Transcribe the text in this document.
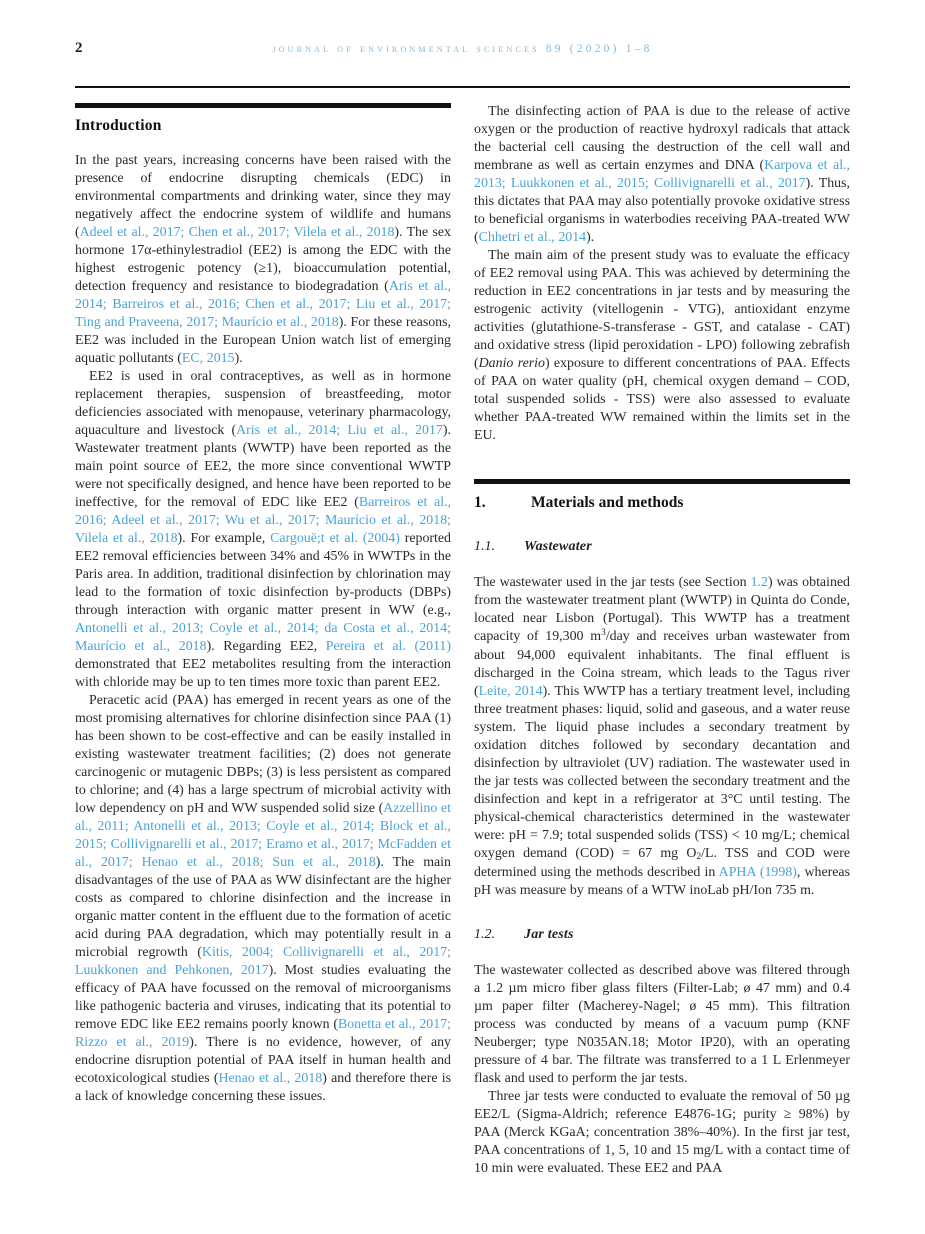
2	journal of environmental sciences 89 (2020) 1–8
Introduction

In the past years, increasing concerns have been raised with the presence of endocrine disrupting chemicals (EDC) in environmental compartments and drinking water, since they may negatively affect the endocrine system of wildlife and humans (Adeel et al., 2017; Chen et al., 2017; Vilela et al., 2018). The sex hormone 17α-ethinylestradiol (EE2) is among the EDC with the highest estrogenic potency (≥1), bioaccumulation potential, detection frequency and resistance to biodegradation (Aris et al., 2014; Barreiros et al., 2016; Chen et al., 2017; Liu et al., 2017; Ting and Praveena, 2017; Maurício et al., 2018). For these reasons, EE2 was included in the European Union watch list of emerging aquatic pollutants (EC, 2015).

EE2 is used in oral contraceptives, as well as in hormone replacement therapies, suspension of breastfeeding, motor deficiencies associated with menopause, veterinary pharmacology, aquaculture and livestock (Aris et al., 2014; Liu et al., 2017). Wastewater treatment plants (WWTP) have been reported as the main point source of EE2, the more since conventional WWTP were not specifically designed, and hence have been reported to be ineffective, for the removal of EDC like EE2 (Barreiros et al., 2016; Adeel et al., 2017; Wu et al., 2017; Maurício et al., 2018; Vilela et al., 2018). For example, Cargouë;t et al. (2004) reported EE2 removal efficiencies between 34% and 45% in WWTPs in the Paris area. In addition, traditional disinfection by chlorination may lead to the formation of toxic disinfection by-products (DBPs) through interaction with organic matter present in WW (e.g., Antonelli et al., 2013; Coyle et al., 2014; da Costa et al., 2014; Maurício et al., 2018). Regarding EE2, Pereira et al. (2011) demonstrated that EE2 metabolites resulting from the interaction with chloride may be up to ten times more toxic than parent EE2.

Peracetic acid (PAA) has emerged in recent years as one of the most promising alternatives for chlorine disinfection since PAA (1) has been shown to be cost-effective and can be easily installed in existing wastewater treatment facilities; (2) does not generate carcinogenic or mutagenic DBPs; (3) is less persistent as compared to chlorine; and (4) has a large spectrum of microbial activity with low dependency on pH and WW suspended solid size (Azzellino et al., 2011; Antonelli et al., 2013; Coyle et al., 2014; Block et al., 2015; Collivignarelli et al., 2017; Eramo et al., 2017; McFadden et al., 2017; Henao et al., 2018; Sun et al., 2018). The main disadvantages of the use of PAA as WW disinfectant are the higher costs as compared to chlorine disinfection and the increase in organic matter content in the effluent due to the formation of acetic acid during PAA degradation, which may potentially result in a microbial regrowth (Kitis, 2004; Collivignarelli et al., 2017; Luukkonen and Pehkonen, 2017). Most studies evaluating the efficacy of PAA have focussed on the removal of microorganisms like pathogenic bacteria and viruses, indicating that its potential to remove EDC like EE2 remains poorly known (Bonetta et al., 2017; Rizzo et al., 2019). There is no evidence, however, of any endocrine disruption potential of PAA itself in human health and ecotoxicological studies (Henao et al., 2018) and therefore there is a lack of knowledge concerning these issues.

The disinfecting action of PAA is due to the release of active oxygen or the production of reactive hydroxyl radicals that attack the bacterial cell causing the destruction of the cell wall and membrane as well as certain enzymes and DNA (Karpova et al., 2013; Luukkonen et al., 2015; Collivignarelli et al., 2017). Thus, this dictates that PAA may also potentially provoke oxidative stress to beneficial organisms in waterbodies receiving PAA-treated WW (Chhetri et al., 2014).

The main aim of the present study was to evaluate the efficacy of EE2 removal using PAA. This was achieved by determining the reduction in EE2 concentrations in jar tests and by measuring the estrogenic activity (vitellogenin - VTG), antioxidant enzyme activities (glutathione-S-transferase - GST, and catalase - CAT) and oxidative stress (lipid peroxidation - LPO) following zebrafish (Danio rerio) exposure to different concentrations of PAA. Effects of PAA on water quality (pH, chemical oxygen demand – COD, total suspended solids - TSS) were also assessed to evaluate whether PAA-treated WW remained within the limits set in the EU.

1.	Materials and methods
1.1.	Wastewater

The wastewater used in the jar tests (see Section 1.2) was obtained from the wastewater treatment plant (WWTP) in Quinta do Conde, located near Lisbon (Portugal). This WWTP has a treatment capacity of 19,300 $m^3$/day and receives urban wastewater from about 94,000 equivalent inhabitants. The final effluent is discharged in the Coina stream, which leads to the Tagus river (Leite, 2014). This WWTP has a tertiary treatment level, including three treatment phases: liquid, solid and gaseous, and a water reuse system. The liquid phase includes a secondary treatment by oxidation ditches followed by secondary decantation and disinfection by ultraviolet (UV) radiation. The wastewater used in the jar tests was collected between the secondary treatment and the disinfection and kept in a refrigerator at 3°C until testing. The physical-chemical characteristics determined in the wastewater were: pH = 7.9; total suspended solids (TSS) < 10 mg/L; chemical oxygen demand (COD) = 67 mg O2/L. TSS and COD were determined using the methods described in APHA (1998), whereas pH was measure by means of a WTW inoLab pH/Ion 735 m.

1.2.	Jar tests

The wastewater collected as described above was filtered through a 1.2 µm micro fiber glass filters (Filter-Lab; ø 47 mm) and 0.4 µm paper filter (Macherey-Nagel; ø 45 mm). This filtration process was conducted by means of a vacuum pump (KNF Neuberger; type N035AN.18; Motor IP20), with an operating pressure of 4 bar. The filtrate was transferred to a 1 L Erlenmeyer flask and used to perform the jar tests.

Three jar tests were conducted to evaluate the removal of 50 µg EE2/L (Sigma-Aldrich; reference E4876-1G; purity ≥ 98%) by PAA (Merck KGaA; concentration 38%–40%). In the first jar test, PAA concentrations of 1, 5, 10 and 15 mg/L with a contact time of 10 min were evaluated. These EE2 and PAA
